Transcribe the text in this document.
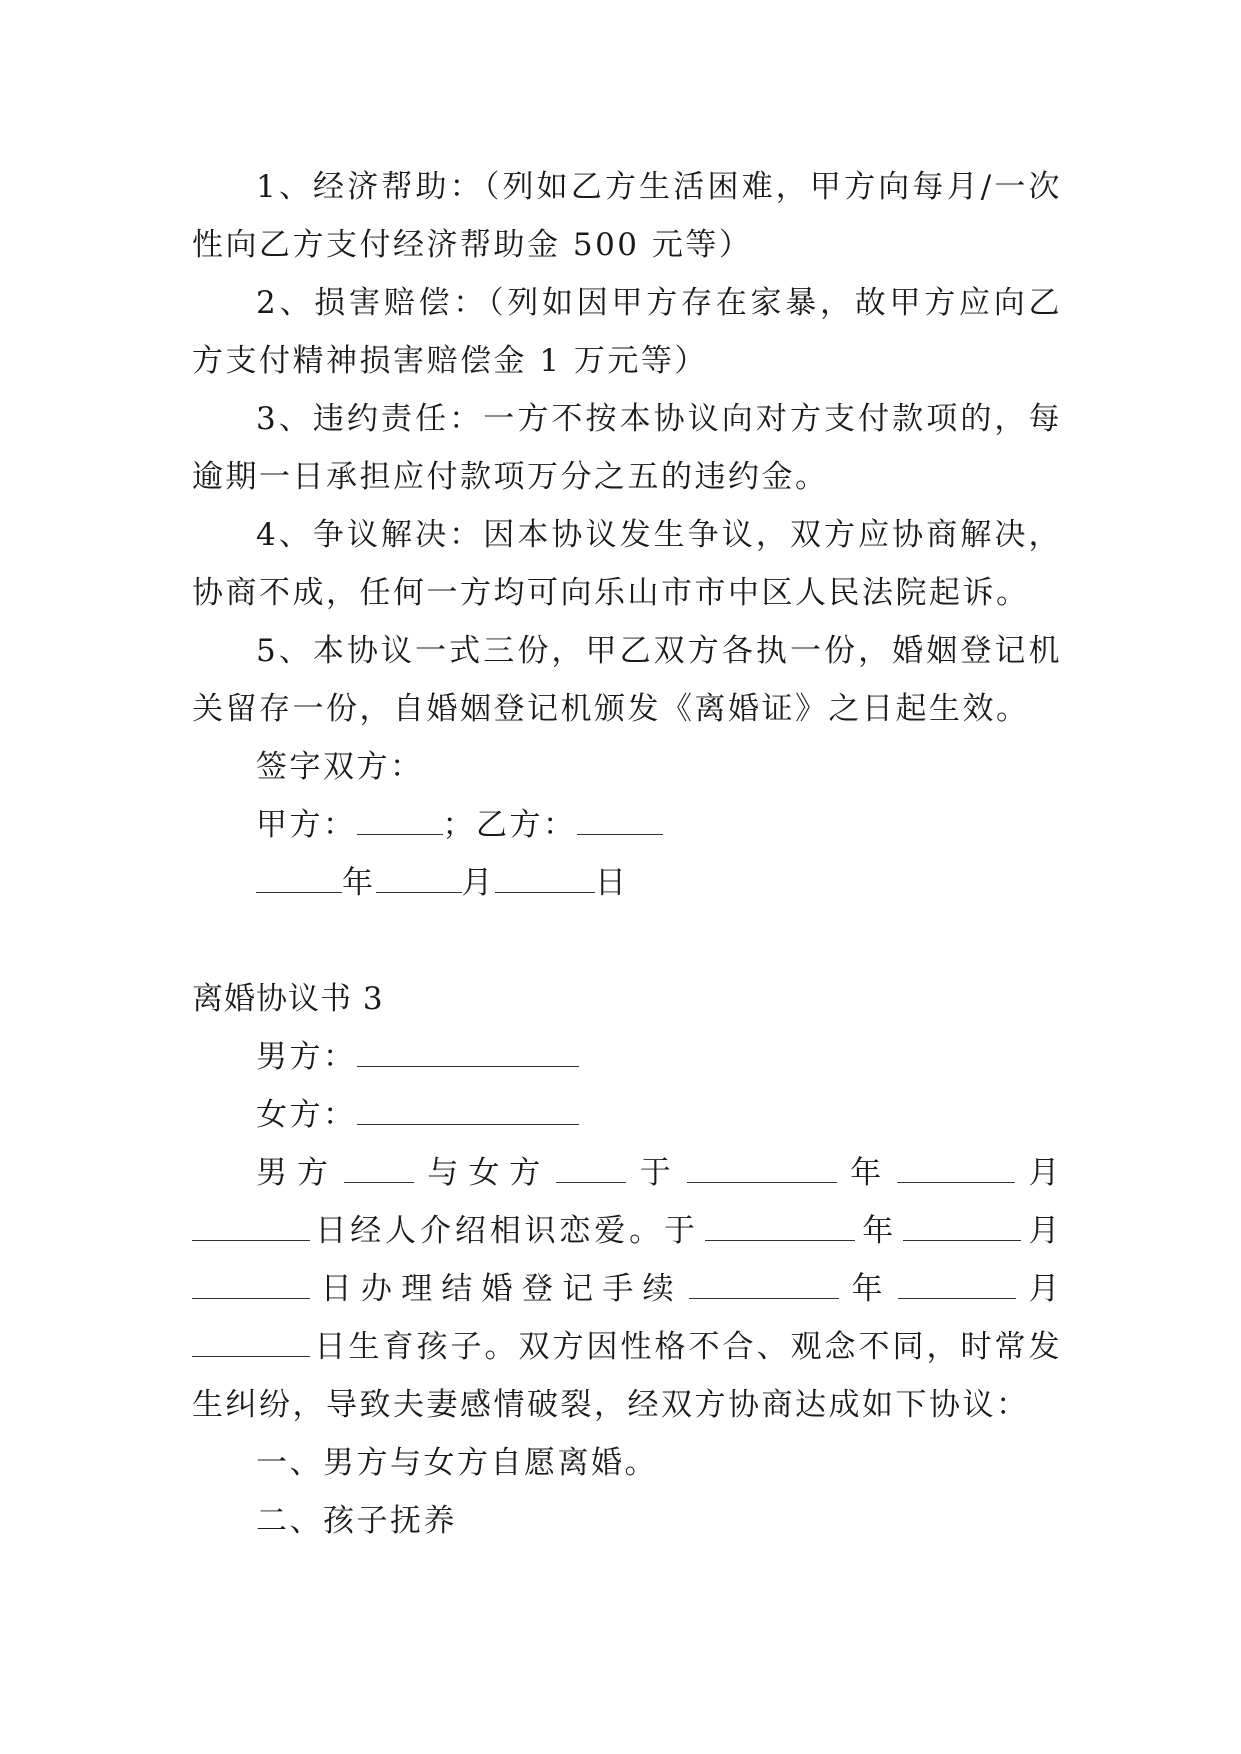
1、经济帮助：（列如乙方生活困难，甲方向每月/一次性向乙方支付经济帮助金 500 元等）

2、损害赔偿：（列如因甲方存在家暴，故甲方应向乙方支付精神损害赔偿金 1 万元等）

3、违约责任：一方不按本协议向对方支付款项的，每逾期一日承担应付款项万分之五的违约金。

4、争议解决：因本协议发生争议，双方应协商解决，协商不成，任何一方均可向乐山市市中区人民法院起诉。

5、本协议一式三份，甲乙双方各执一份，婚姻登记机关留存一份，自婚姻登记机颁发《离婚证》之日起生效。

签字双方：

甲方：	；乙方：

年	月	日

离婚协议书 3

男方：

女方：

男方	与女方	于	年	月日经人介绍相识恋爱。于	年	月日办理结婚登记手续	年	月日生育孩子。双方因性格不合、观念不同，时常发生纠纷，导致夫妻感情破裂，经双方协商达成如下协议：

一、男方与女方自愿离婚。

二、孩子抚养
